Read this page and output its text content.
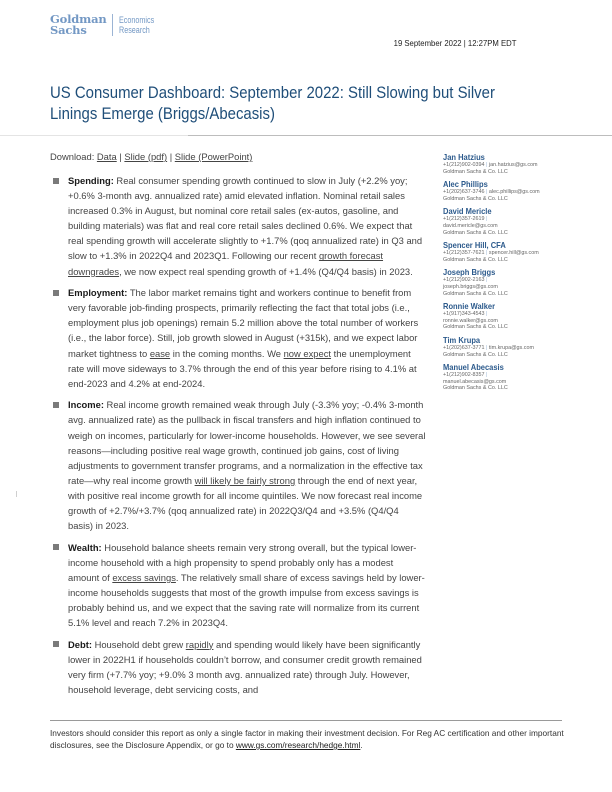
Goldman
Sachs
Economics
Research
19 September 2022 | 12:27PM EDT
US Consumer Dashboard: September 2022: Still Slowing but Silver
Linings Emerge (Briggs/Abecasis)
Download: Data | Slide (pdf) | Slide (PowerPoint)
Spending: Real consumer spending growth continued to slow in July (+2.2% yoy; +0.6% 3-month avg. annualized rate) amid elevated inflation. Nominal retail sales increased 0.3% in August, but nominal core retail sales (ex-autos, gasoline, and building materials) was flat and real core retail sales declined 0.6%. We expect that real spending growth will accelerate slightly to +1.7% (qoq annualized rate) in Q3 and slow to +1.3% in 2022Q4 and 2023Q1. Following our recent growth forecast downgrades, we now expect real spending growth of +1.4% (Q4/Q4 basis) in 2023.
Employment: The labor market remains tight and workers continue to benefit from very favorable job-finding prospects, primarily reflecting the fact that total jobs (i.e., employment plus job openings) remain 5.2 million above the total number of workers (i.e., the labor force). Still, job growth slowed in August (+315k), and we expect labor market tightness to ease in the coming months. We now expect the unemployment rate will move sideways to 3.7% through the end of this year before rising to 4.1% at end-2023 and 4.2% at end-2024.
Income: Real income growth remained weak through July (-3.3% yoy; -0.4% 3-month avg. annualized rate) as the pullback in fiscal transfers and high inflation continued to weigh on incomes, particularly for lower-income households. However, we see several reasons—including positive real wage growth, continued job gains, cost of living adjustments to government transfer programs, and a normalization in the effective tax rate—why real income growth will likely be fairly strong through the end of next year, with positive real income growth for all income quintiles. We now forecast real income growth of +2.7%/+3.7% (qoq annualized rate) in 2022Q3/Q4 and +3.5% (Q4/Q4 basis) in 2023.
Wealth: Household balance sheets remain very strong overall, but the typical lower-income household with a high propensity to spend probably only has a modest amount of excess savings. The relatively small share of excess savings held by lower-income households suggests that most of the growth impulse from excess savings is probably behind us, and we expect that the saving rate will normalize from its current 5.1% level and reach 7.2% in 2023Q4.
Debt: Household debt grew rapidly and spending would likely have been significantly lower in 2022H1 if households couldn’t borrow, and consumer credit growth remained very firm (+7.7% yoy; +9.0% 3 month avg. annualized rate) through July. However, household leverage, debt servicing costs, and
Jan Hatzius
+1(212)902-0394 | jan.hatzius@gs.com
Goldman Sachs & Co. LLC
Alec Phillips
+1(202)637-3746 | alec.phillips@gs.com
Goldman Sachs & Co. LLC
David Mericle
+1(212)357-2619 |
david.mericle@gs.com
Goldman Sachs & Co. LLC
Spencer Hill, CFA
+1(212)357-7621 | spencer.hill@gs.com
Goldman Sachs & Co. LLC
Joseph Briggs
+1(212)902-2163 |
joseph.briggs@gs.com
Goldman Sachs & Co. LLC
Ronnie Walker
+1(917)343-4543 |
ronnie.walker@gs.com
Goldman Sachs & Co. LLC
Tim Krupa
+1(202)637-3771 | tim.krupa@gs.com
Goldman Sachs & Co. LLC
Manuel Abecasis
+1(212)902-8357 |
manuel.abecasis@gs.com
Goldman Sachs & Co. LLC
Investors should consider this report as only a single factor in making their investment decision. For Reg AC certification and other important disclosures, see the Disclosure Appendix, or go to www.gs.com/research/hedge.html.
